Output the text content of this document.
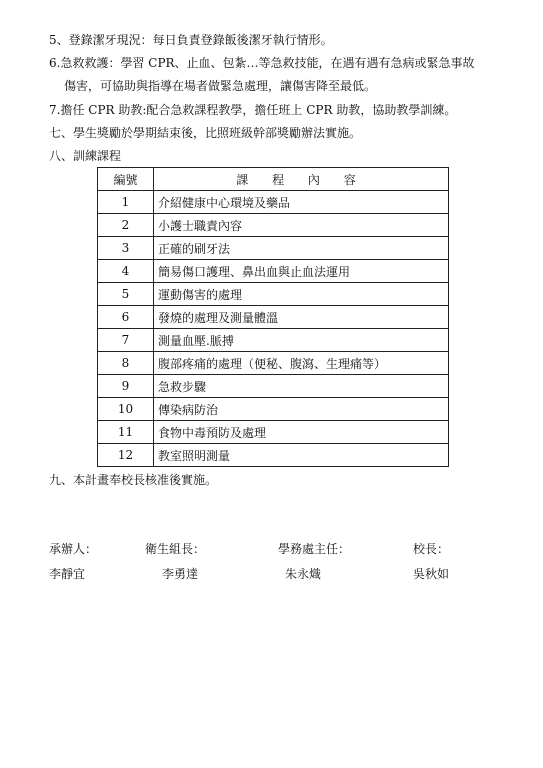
5、登錄潔牙現況：每日負責登錄飯後潔牙執行情形。
6.急救救護：學習 CPR、止血、包紮…等急救技能，在遇有遇有急病或緊急事故
傷害，可協助與指導在場者做緊急處理，讓傷害降至最低。
7.擔任 CPR 助教:配合急救課程教學，擔任班上 CPR 助教，協助教學訓練。
七、學生獎勵於學期結束後，比照班級幹部獎勵辦法實施。
八、訓練課程
編號	課 程 內 容
1	介紹健康中心環境及藥品
2	小護士職責內容
3	正確的刷牙法
4	簡易傷口護理、鼻出血與止血法運用
5	運動傷害的處理
6	發燒的處理及測量體溫
7	測量血壓.脈搏
8	腹部疼痛的處理（便秘、腹瀉、生理痛等）
9	急救步驟
10	傳染病防治
11	食物中毒預防及處理
12	教室照明測量
九、本計畫奉校長核准後實施。
承辦人：	衛生組長：	學務處主任：	校長：
李靜宜	李勇達	朱永熾	吳秋如
